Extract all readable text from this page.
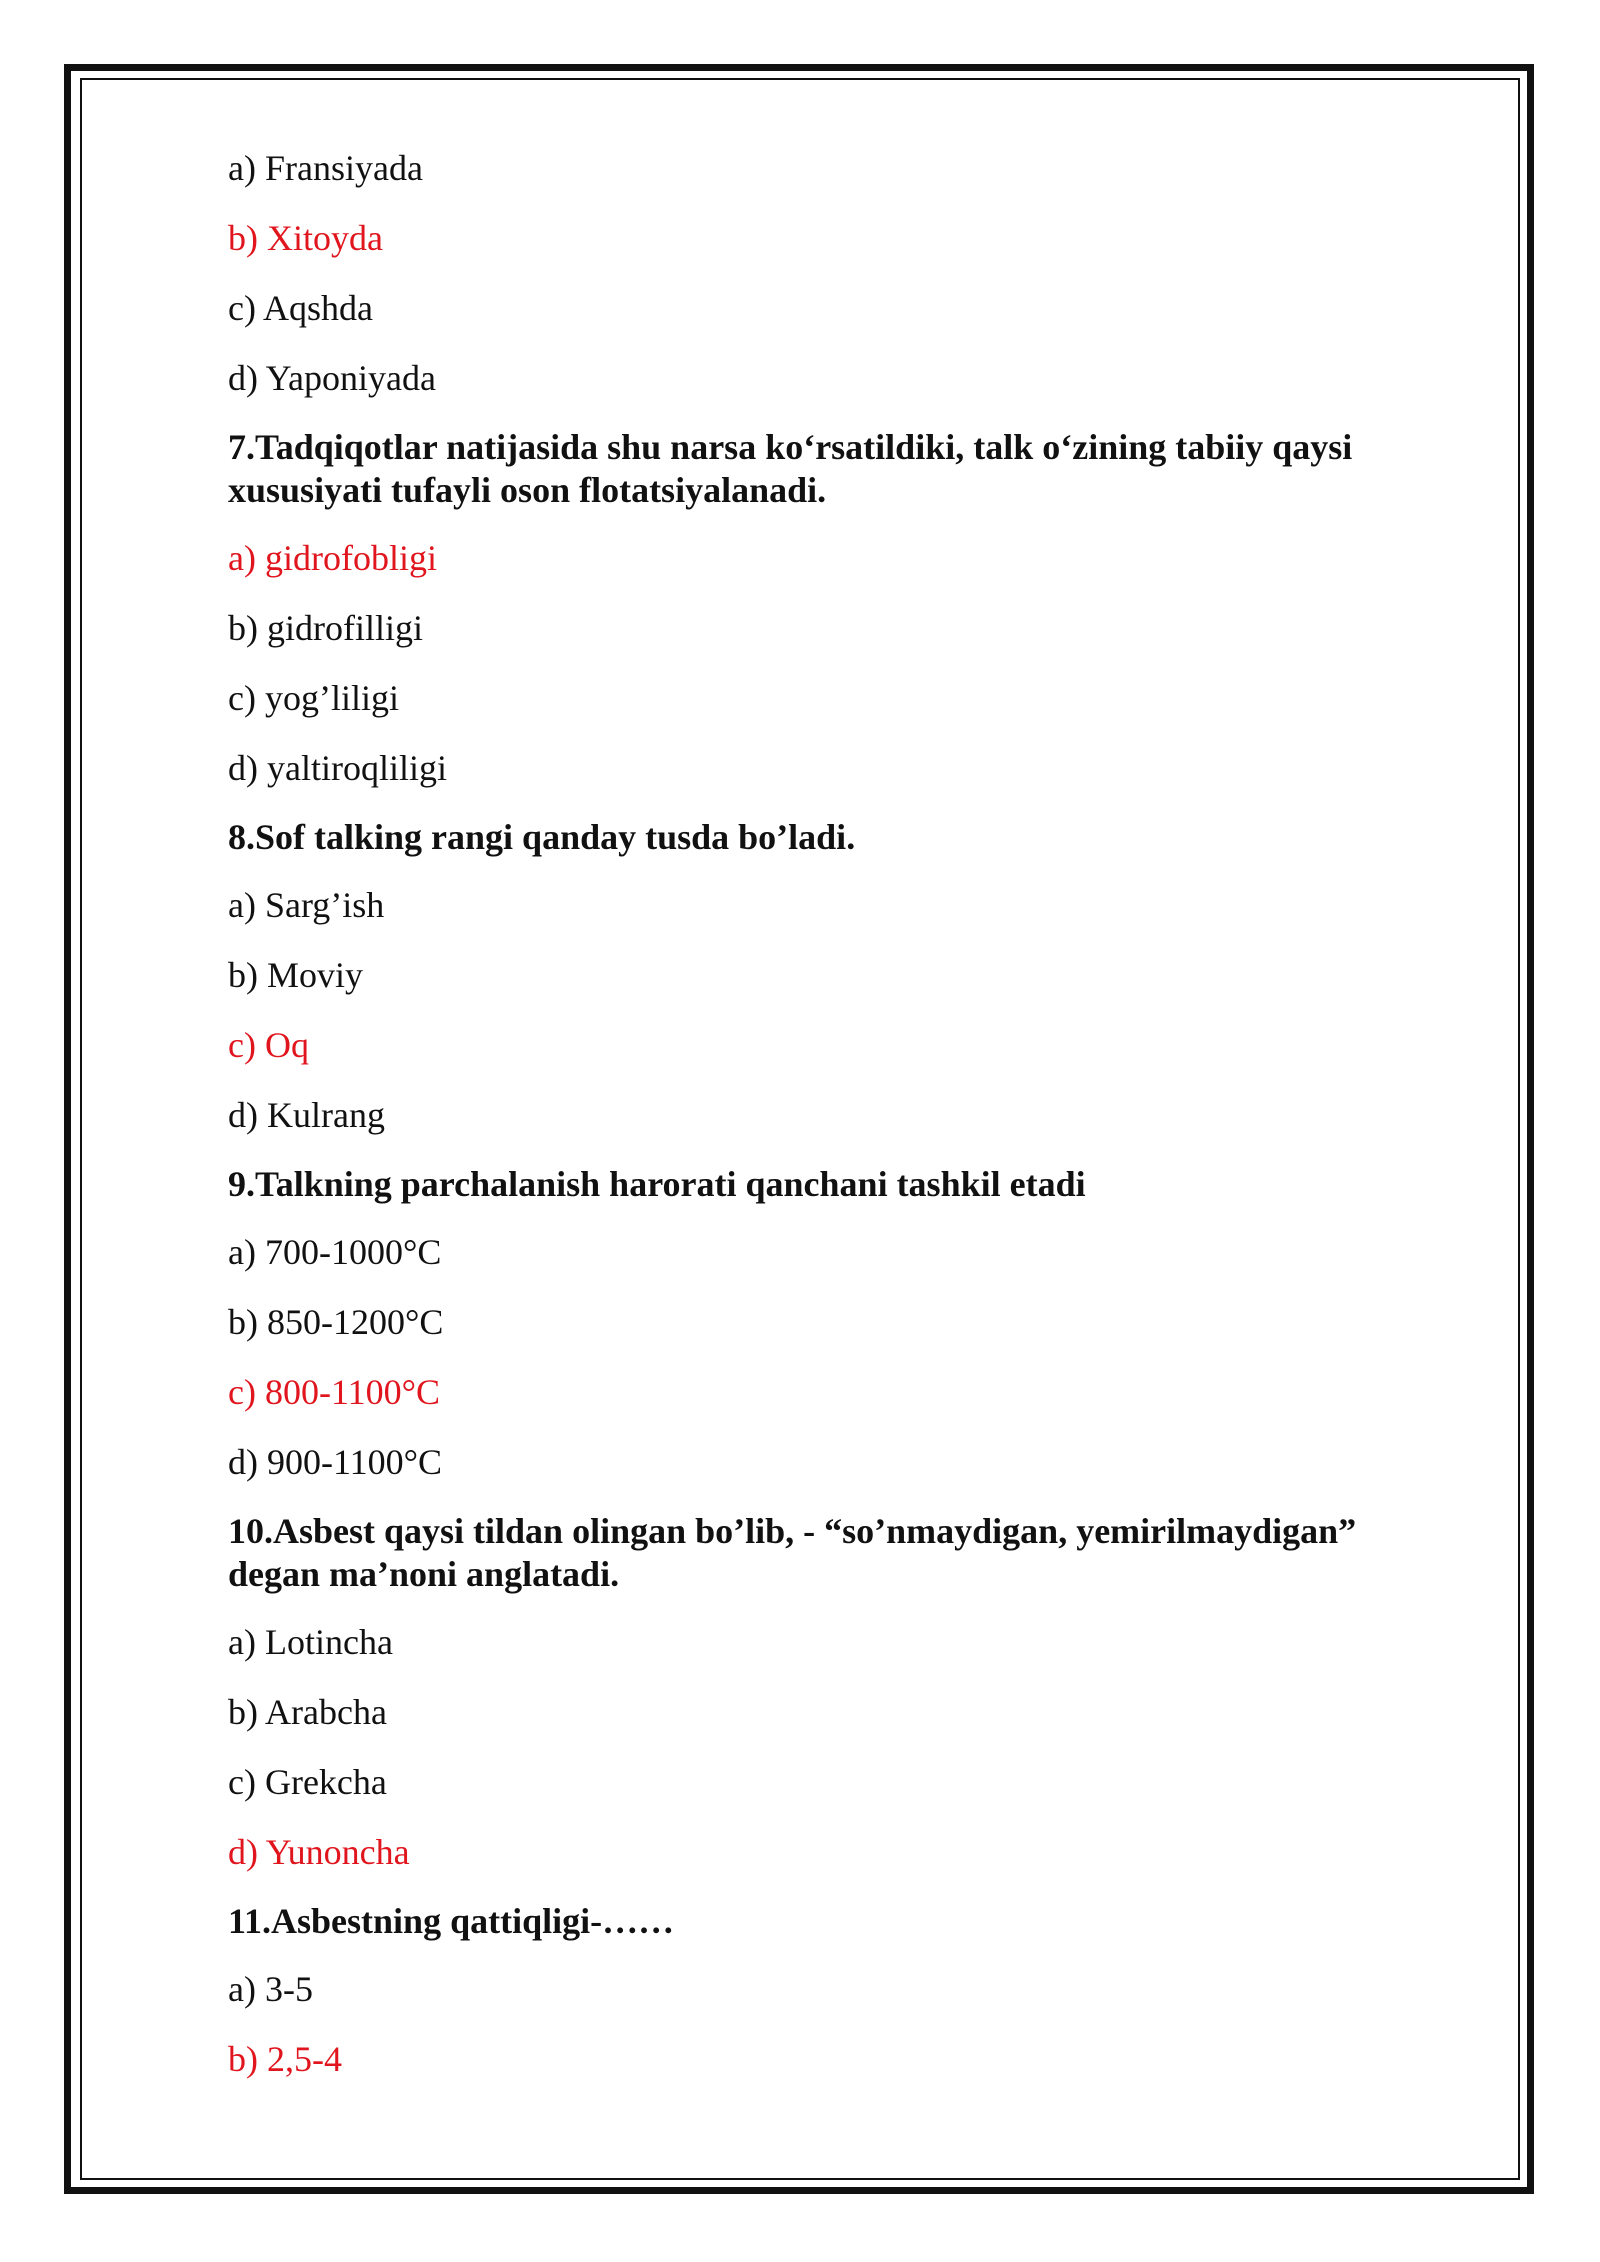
a) Fransiyada

b) Xitoyda

c) Aqshda

d) Yaponiyada

7.Tadqiqotlar natijasida shu narsa ko‘rsatildiki, talk o‘zining tabiiy qaysi xususiyati tufayli oson flotatsiyalanadi.

a) gidrofobligi

b) gidrofilligi

c) yog’liligi

d) yaltiroqliligi

8.Sof talking rangi qanday tusda bo’ladi.

a) Sarg’ish

b) Moviy

c) Oq

d) Kulrang

9.Talkning parchalanish harorati qanchani tashkil etadi

a) 700-1000°C

b) 850-1200°C

c) 800-1100°C

d) 900-1100°C

10.Asbest qaysi tildan olingan bo’lib, - “so’nmaydigan, yemirilmaydigan” degan ma’noni anglatadi.

a) Lotincha

b) Arabcha

c) Grekcha

d) Yunoncha

11.Asbestning qattiqligi-……

a) 3-5

b) 2,5-4
